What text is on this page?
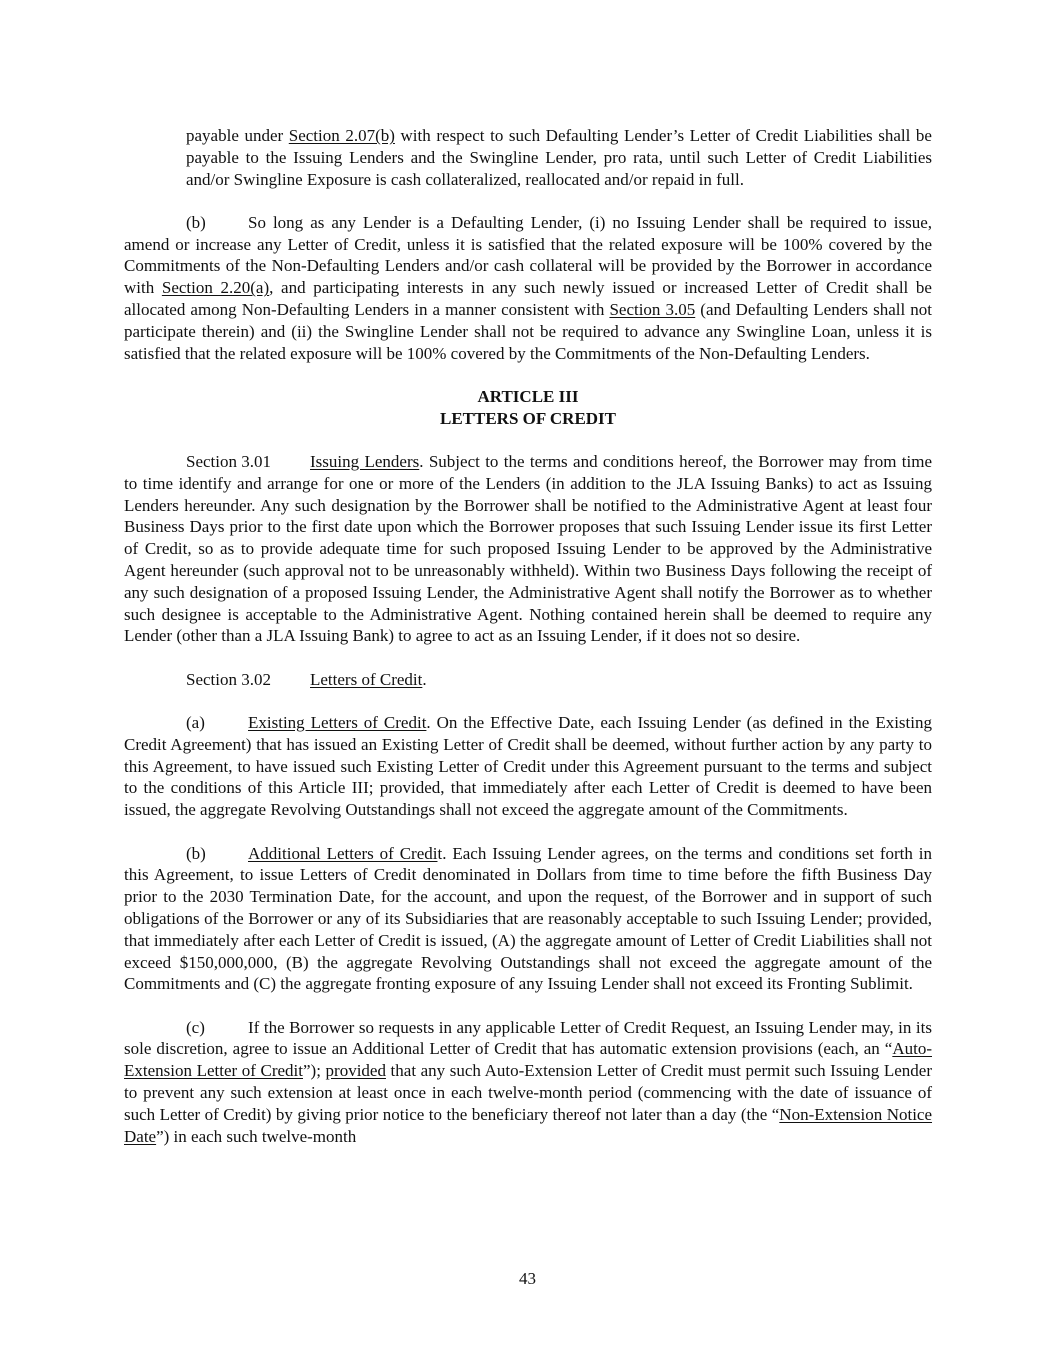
payable under Section 2.07(b) with respect to such Defaulting Lender’s Letter of Credit Liabilities shall be payable to the Issuing Lenders and the Swingline Lender, pro rata, until such Letter of Credit Liabilities and/or Swingline Exposure is cash collateralized, reallocated and/or repaid in full.

(b) So long as any Lender is a Defaulting Lender, (i) no Issuing Lender shall be required to issue, amend or increase any Letter of Credit, unless it is satisfied that the related exposure will be 100% covered by the Commitments of the Non-Defaulting Lenders and/or cash collateral will be provided by the Borrower in accordance with Section 2.20(a), and participating interests in any such newly issued or increased Letter of Credit shall be allocated among Non-Defaulting Lenders in a manner consistent with Section 3.05 (and Defaulting Lenders shall not participate therein) and (ii) the Swingline Lender shall not be required to advance any Swingline Loan, unless it is satisfied that the related exposure will be 100% covered by the Commitments of the Non-Defaulting Lenders.

ARTICLE III
LETTERS OF CREDIT

Section 3.01 Issuing Lenders. Subject to the terms and conditions hereof, the Borrower may from time to time identify and arrange for one or more of the Lenders (in addition to the JLA Issuing Banks) to act as Issuing Lenders hereunder. Any such designation by the Borrower shall be notified to the Administrative Agent at least four Business Days prior to the first date upon which the Borrower proposes that such Issuing Lender issue its first Letter of Credit, so as to provide adequate time for such proposed Issuing Lender to be approved by the Administrative Agent hereunder (such approval not to be unreasonably withheld). Within two Business Days following the receipt of any such designation of a proposed Issuing Lender, the Administrative Agent shall notify the Borrower as to whether such designee is acceptable to the Administrative Agent. Nothing contained herein shall be deemed to require any Lender (other than a JLA Issuing Bank) to agree to act as an Issuing Lender, if it does not so desire.

Section 3.02 Letters of Credit.

(a)	Existing Letters of Credit. On the Effective Date, each Issuing Lender (as defined in the Existing Credit Agreement) that has issued an Existing Letter of Credit shall be deemed, without further action by any party to this Agreement, to have issued such Existing Letter of Credit under this Agreement pursuant to the terms and subject to the conditions of this Article III; provided, that immediately after each Letter of Credit is deemed to have been issued, the aggregate Revolving Outstandings shall not exceed the aggregate amount of the Commitments.

(b) Additional Letters of Credit. Each Issuing Lender agrees, on the terms and conditions set forth in this Agreement, to issue Letters of Credit denominated in Dollars from time to time before the fifth Business Day prior to the 2030 Termination Date, for the account, and upon the request, of the Borrower and in support of such obligations of the Borrower or any of its Subsidiaries that are reasonably acceptable to such Issuing Lender; provided, that immediately after each Letter of Credit is issued, (A) the aggregate amount of Letter of Credit Liabilities shall not exceed $150,000,000, (B) the aggregate Revolving Outstandings shall not exceed the aggregate amount of the Commitments and (C) the aggregate fronting exposure of any Issuing Lender shall not exceed its Fronting Sublimit.

(c)	If the Borrower so requests in any applicable Letter of Credit Request, an Issuing Lender may, in its sole discretion, agree to issue an Additional Letter of Credit that has automatic extension provisions (each, an “Auto-Extension Letter of Credit”); provided that any such Auto-Extension Letter of Credit must permit such Issuing Lender to prevent any such extension at least once in each twelve-month period (commencing with the date of issuance of such Letter of Credit) by giving prior notice to the beneficiary thereof not later than a day (the “Non-Extension Notice Date”) in each such twelve-month

43
